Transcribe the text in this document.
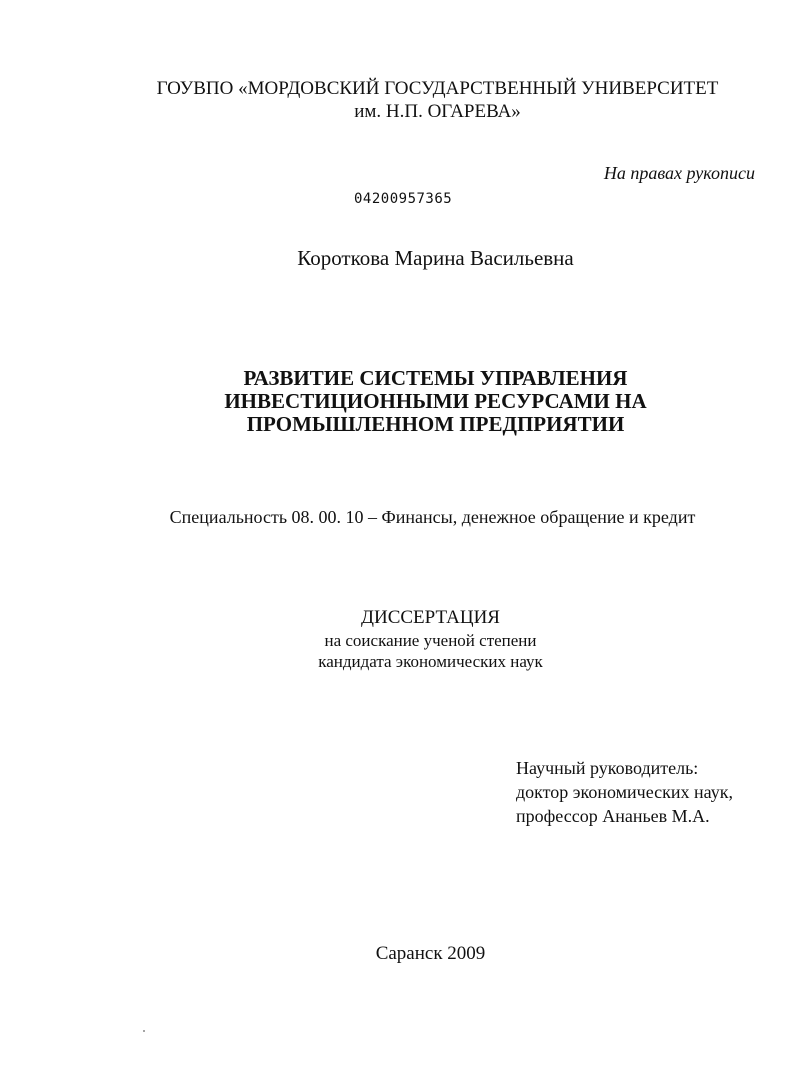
ГОУВПО «МОРДОВСКИЙ ГОСУДАРСТВЕННЫЙ УНИВЕРСИТЕТ
им. Н.П. ОГАРЕВА»
На правах рукописи
04200957365
Короткова Марина Васильевна
РАЗВИТИЕ СИСТЕМЫ УПРАВЛЕНИЯ
ИНВЕСТИЦИОННЫМИ РЕСУРСАМИ НА
ПРОМЫШЛЕННОМ ПРЕДПРИЯТИИ
Специальность 08. 00. 10 – Финансы, денежное обращение и кредит
ДИССЕРТАЦИЯ
на соискание ученой степени
кандидата экономических наук
Научный руководитель:
доктор экономических наук,
профессор Ананьев М.А.
Саранск 2009
